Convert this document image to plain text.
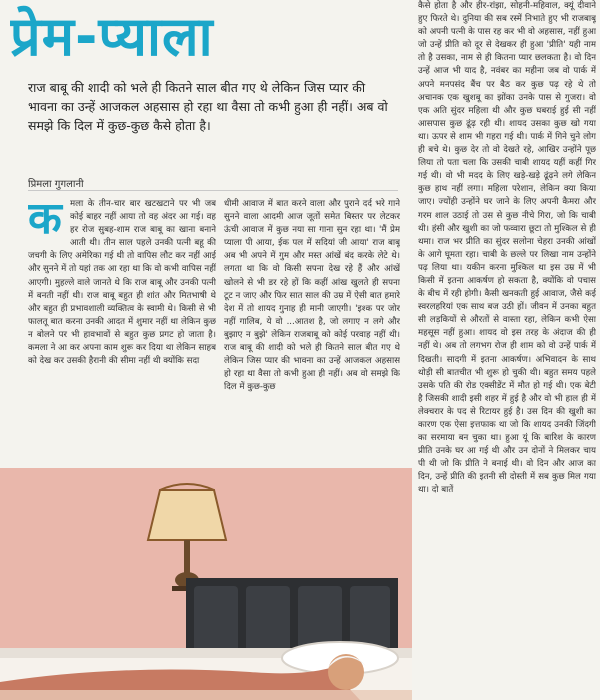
प्रेम-प्याला
राज बाबू की शादी को भले ही कितने साल बीत गए थे लेकिन जिस प्यार की भावना का उन्हें आजकल अहसास हो रहा था वैसा तो कभी हुआ ही नहीं। अब वो समझे कि दिल में कुछ-कुछ कैसे होता है।
प्रिमला गुगलानी
क मला के तीन-चार बार खटखटाने पर भी जब कोई बाहर नहीं आया तो वह अंदर आ गई। वह हर रोज सुबह-शाम राज बाबू का खाना बनाने आती थी। तीन साल पहले उनकी पत्नी बहू की जचगी के लिए अमेरिका गई थी तो वापिस लौट कर नहीं आई और सुनने में तो यहां तक आ रहा था कि वो कभी वापिस नहीं आएगी। मुहल्ले वाले जानते थे कि राज बाबू और उनकी पत्नी में बनती नहीं थी। राज बाबू बहुत ही शांत और मितभाषी थे और बहुत ही प्रभावशाली व्यक्तित्व के स्वामी थे। किसी से भी फालतू बात करना उनकी आदत में शुमार नहीं था लेकिन कुछ न बोलने पर भी हावभावों से बहुत कुछ प्रगट हो जाता है। कमला ने आ कर अपना काम शुरू कर दिया था लेकिन साहब को देख कर उसकी हैरानी की सीमा नहीं थी क्योंकि सदा

धीमी आवाज में बात करने वाला और पुराने दर्द भरे गाने सुनने वाला आदमी आज जूतों समेत बिस्तर पर लेटकर ऊंची आवाज में कुछ नया सा गाना सुन रहा था। 'मैं प्रेम प्याला पी आया, ईक पल में सदियां जी आया' राज बाबू अब भी अपने में गुम और मस्त आंखें बंद करके लेटे थे। लगता था कि वो किसी सपना देख रहे हैं और आंखें खोलने से भी डर रहे हों कि कहीं आंख खुलते ही सपना टूट न जाए और फिर सात साल की उम्र में ऐसी बात हमारे देश में तो शायद गुनाह ही मानी जाएगी। 'इश्क पर जोर नहीं गालिब, ये वो ...आतश है, जो लगाए न लगे और बुझाए न बुझे' लेकिन राजबाबू को कोई परवाह नहीं थी। राज बाबू की शादी को भले ही कितने साल बीत गए थे लेकिन जिस प्यार की भावना का उन्हें आजकल अहसास हो रहा था वैसा तो कभी हुआ ही नहीं। अब वो समझे कि दिल में कुछ-कुछ

कैसे होता है और हीर-रांझा, सोहनी-महिवाल, क्यूं दीवाने हुए फिरते थे। दुनिया की सब रस्में निभाते हुए भी राजबाबू को अपनी पत्नी के पास रह कर भी वो अहसास, नहीं हुआ जो उन्हें प्रीति को दूर से देखकर ही हुआ 'प्रीति' यही नाम तो है उसका, नाम से ही कितना प्यार छलकता है। वो दिन उन्हें आज भी याद है, नवंबर का महीना जब वो पार्क में अपने मनपसंद बैंच पर बैठ कर कुछ पढ़ रहे थे तो अचानक एक खुशबू का झोंका उनके पास से गुजरा। वो एक अति सुंदर महिला थी और कुछ घबराई हुई सी नहीं आसपास कुछ ढूंढ़ रही थी। शायद उसका कुछ खो गया था। ऊपर से शाम भी गहरा गई थी। पार्क में गिने चुने लोग ही बचे थे। कुछ देर तो वो देखते रहे, आखिर उन्होंने पूछ लिया तो पता चला कि उसकी चाबी शायद यहीं कहीं गिर गई थी। वो भी मदद के लिए खड़े-खड़े ढूंढ़ने लगे लेकिन कुछ हाथ नहीं लगा। महिला परेशान, लेकिन क्या किया जाए। ज्योंही उन्होंने घर जाने के लिए अपनी कैमरा और गरम शाल उठाई तो उस से कुछ नीचे गिरा, जो कि चाबी थी। हंसी और खुशी का जो फव्वारा छूटा तो मुश्किल से ही थमा। राज भर प्रीति का सुंदर सलोना चेहरा उनकी आंखों के आगे घूमता रहा। चाबी के छल्ले पर लिखा नाम उन्होंने पढ़ लिया था। यकीन करना मुश्किल था इस उम्र में भी किसी में इतना आकर्षण हो सकता है, क्योंकि वो पचास के बीच में रही होगी। कैसी खनकती हुई आवाज, जैसे कई स्वरलहरियां एक साथ बज उठी हों। जीवन में उनका बहुत सी लड़कियों से औरतों से वास्ता रहा, लेकिन कभी ऐसा महसूस नहीं हुआ। शायद वो इस तरह के अंदाज की ही नहीं थे। अब तो लगभग रोज ही शाम को वो उन्हें पार्क में दिखती। सादगी में इतना आकर्षण। अभिवादन के साथ थोड़ी सी बातचीत भी शुरू हो चुकी थी। बहुत समय पहले उसके पति की रोड एक्सीडेंट में मौत हो गई थी। एक बेटी है जिसकी शादी इसी शहर में हुई है और वो भी हाल ही में लेक्चरार के पद से रिटायर हुई है। उस दिन की खुशी का कारण एक ऐसा इत्तफाक था जो कि शायद उनकी जिंदगी का सरमाया बन चुका था। हुआ यूं कि बारिश के कारण प्रीति उनके घर आ गई थी और उन दोनों ने मिलकर चाय पी थी जो कि प्रीति ने बनाई थी। वो दिन और आज का दिन, उन्हें प्रीति की इतनी सी दोस्ती में सब कुछ मिल गया था। दो बातें
